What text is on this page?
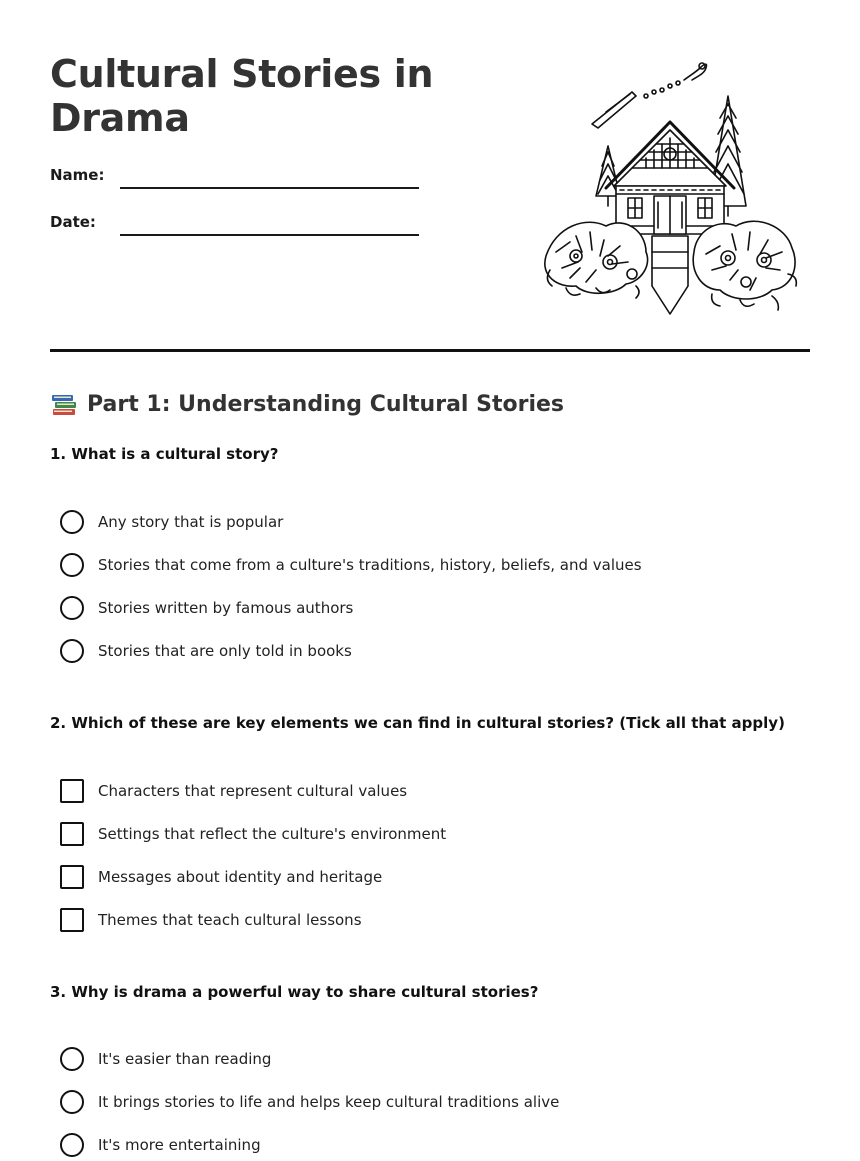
Cultural Stories in Drama
Name:
Date:
Part 1: Understanding Cultural Stories
1. What is a cultural story?
Any story that is popular
Stories that come from a culture's traditions, history, beliefs, and values
Stories written by famous authors
Stories that are only told in books
2. Which of these are key elements we can find in cultural stories? (Tick all that apply)
Characters that represent cultural values
Settings that reflect the culture's environment
Messages about identity and heritage
Themes that teach cultural lessons
3. Why is drama a powerful way to share cultural stories?
It's easier than reading
It brings stories to life and helps keep cultural traditions alive
It's more entertaining
